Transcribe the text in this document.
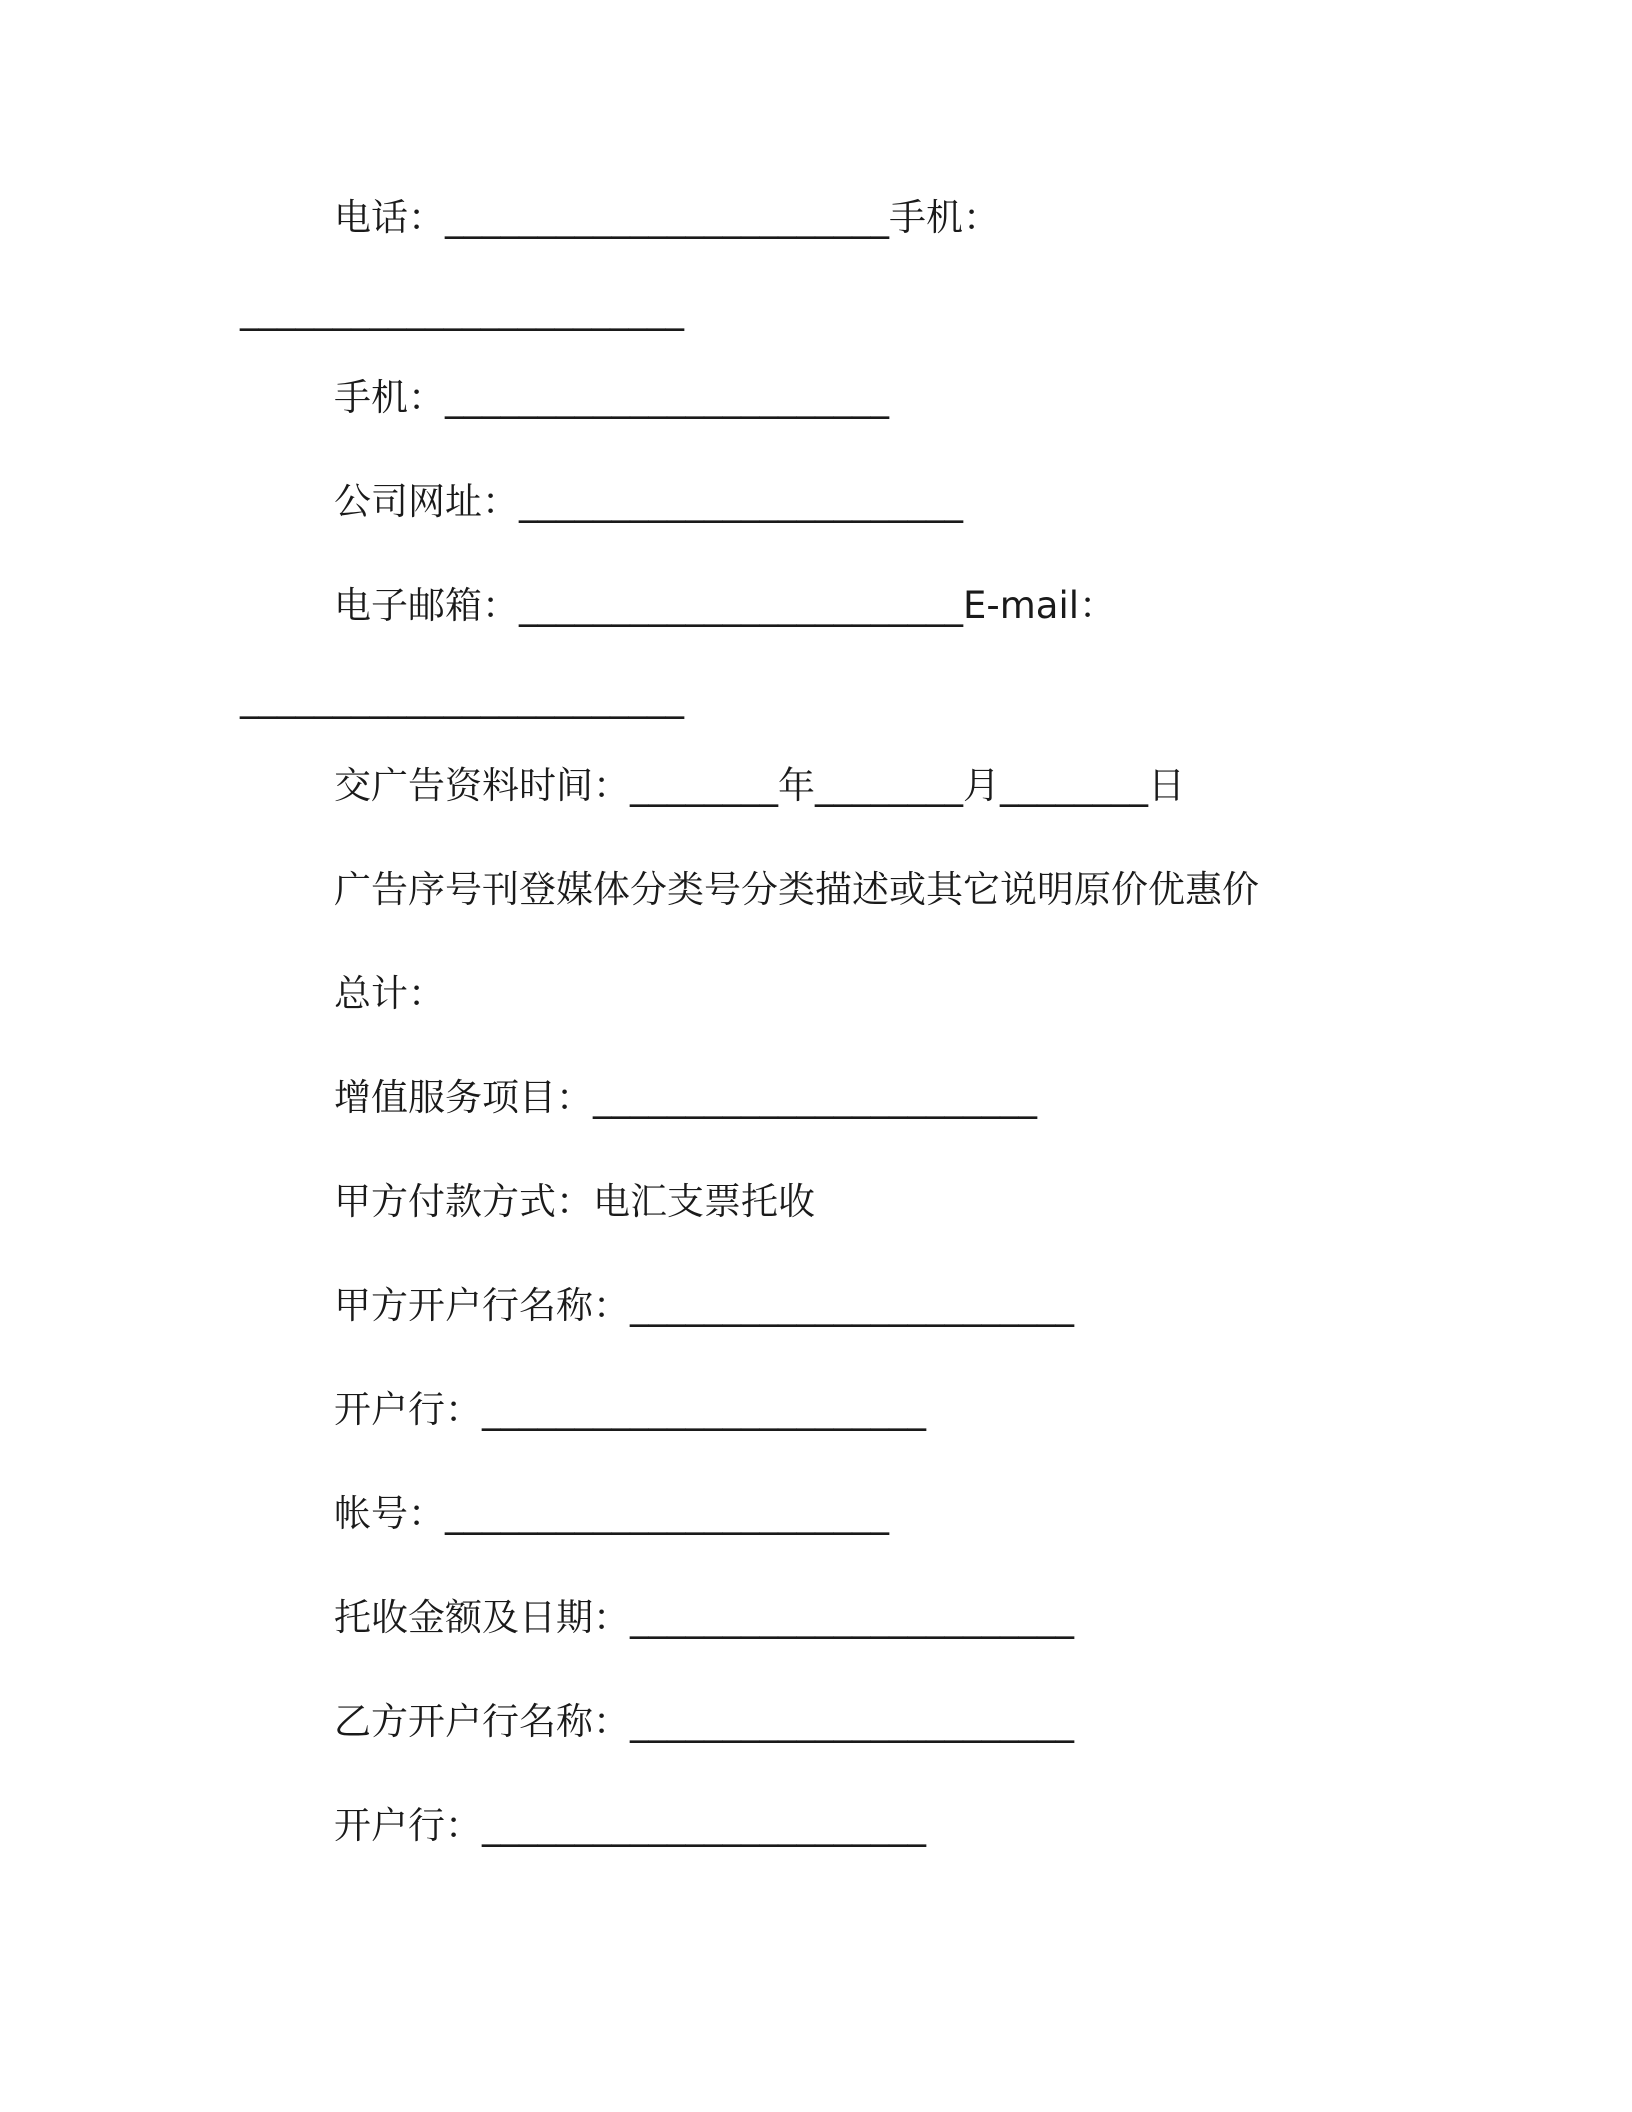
电话：________________________手机：
________________________
手机：________________________
公司网址：________________________
电子邮箱：________________________E-mail：
________________________
交广告资料时间：________年________月________日
广告序号刊登媒体分类号分类描述或其它说明原价优惠价
总计：
增值服务项目：________________________
甲方付款方式：电汇支票托收
甲方开户行名称：________________________
开户行：________________________
帐号：________________________
托收金额及日期：________________________
乙方开户行名称：________________________
开户行：________________________
